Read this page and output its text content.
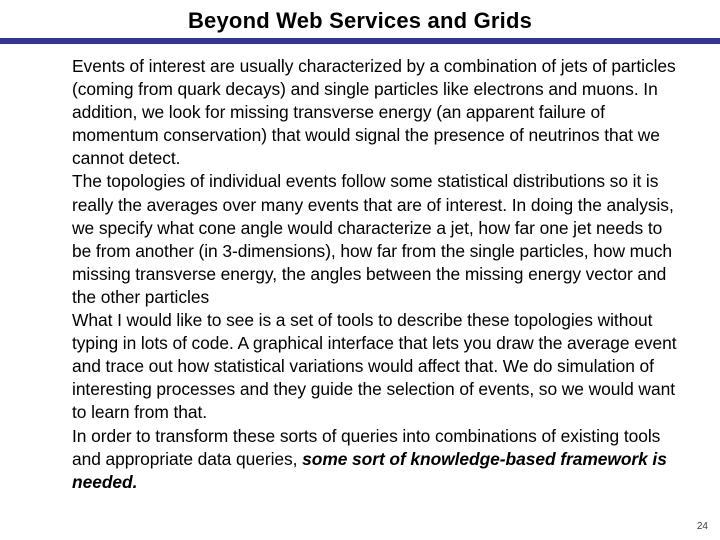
Beyond Web Services and Grids

Events of interest are usually characterized by a combination of jets of particles (coming from quark decays) and single particles like electrons and muons. In addition, we look for missing transverse energy (an apparent failure of momentum conservation) that would signal the presence of neutrinos that we cannot detect.

The topologies of individual events follow some statistical distributions so it is really the averages over many events that are of interest. In doing the analysis, we specify what cone angle would characterize a jet, how far one jet needs to be from another (in 3-dimensions), how far from the single particles, how much missing transverse energy, the angles between the missing energy vector and the other particles

What I would like to see is a set of tools to describe these topologies without typing in lots of code. A graphical interface that lets you draw the average event and trace out how statistical variations would affect that. We do simulation of interesting processes and they guide the selection of events, so we would want to learn from that.

In order to transform these sorts of queries into combinations of existing tools and appropriate data queries, some sort of knowledge-based framework is needed.

24
